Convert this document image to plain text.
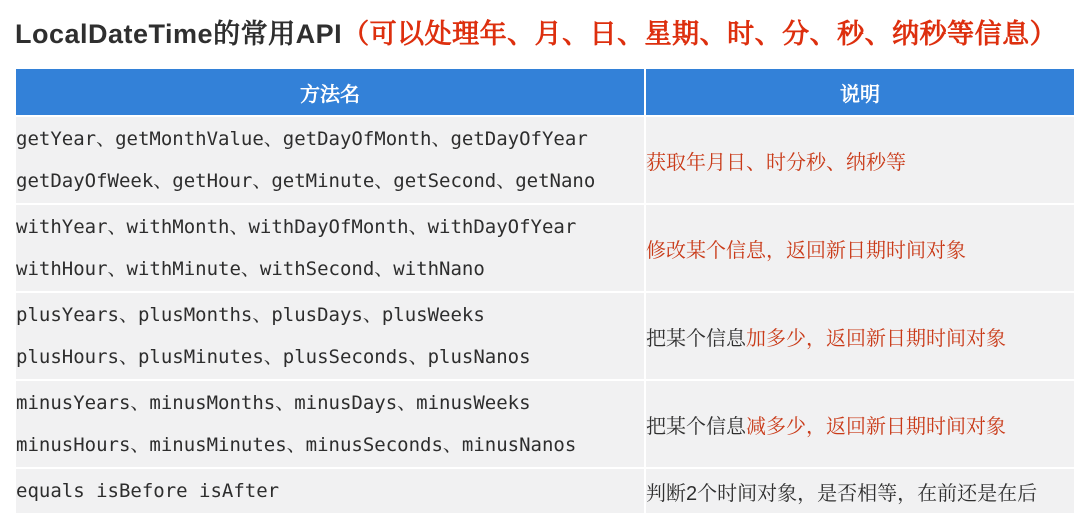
LocalDateTime的常用API（可以处理年、月、日、星期、时、分、秒、纳秒等信息）
方法名	说明

getYear、getMonthValue、getDayOfMonth、getDayOfYear
getDayOfWeek、getHour、getMinute、getSecond、getNano	获取年月日、时分秒、纳秒等

withYear、withMonth、withDayOfMonth、withDayOfYear
withHour、withMinute、withSecond、withNano	修改某个信息，返回新日期时间对象

plusYears、plusMonths、plusDays、plusWeeks
plusHours、plusMinutes、plusSeconds、plusNanos	把某个信息加多少，返回新日期时间对象

minusYears、minusMonths、minusDays、minusWeeks
minusHours、minusMinutes、minusSeconds、minusNanos	把某个信息减多少，返回新日期时间对象

equals isBefore isAfter	判断2个时间对象，是否相等，在前还是在后
